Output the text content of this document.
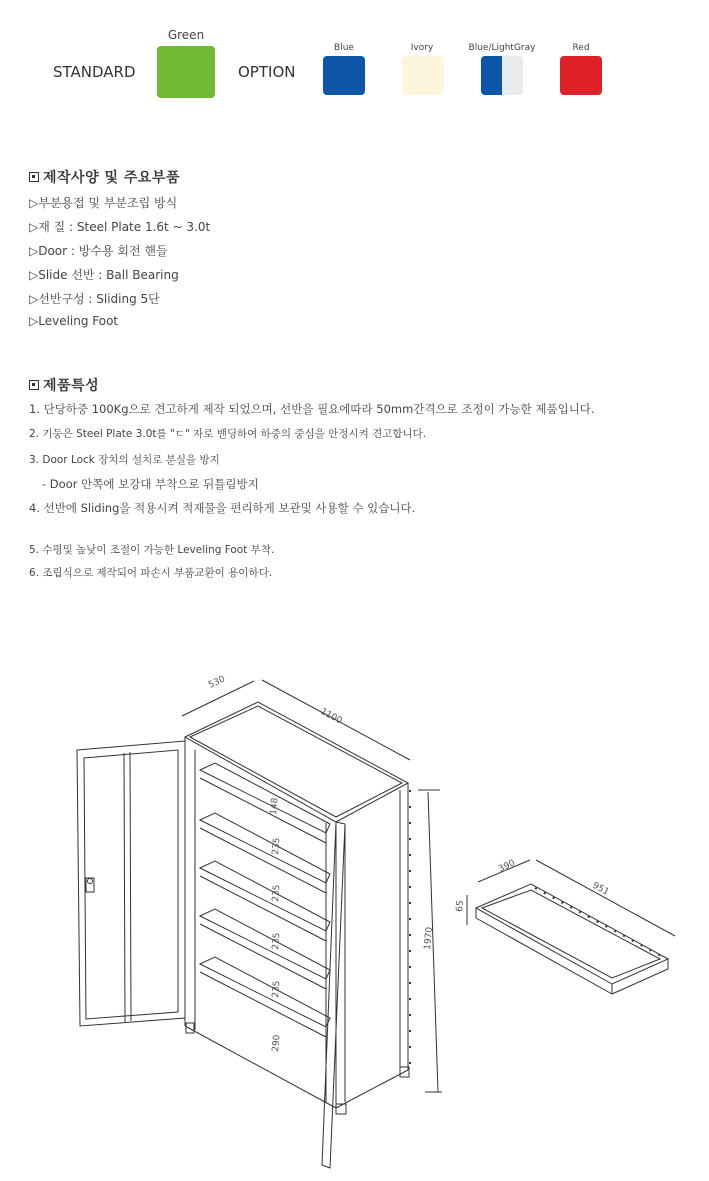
STANDARD
Green
OPTION
Blue	Ivory	Blue/LightGray	Red
제작사양 및 주요부품
▷부분용접 및 부분조립 방식
▷재 질 : Steel Plate 1.6t ~ 3.0t
▷Door : 방수용 회전 핸들
▷Slide 선반 : Ball Bearing
▷선반구성 : Sliding 5단
▷Leveling Foot
제품특성
1. 단당하중 100Kg으로 견고하게 제작 되었으며, 선반을 필요에따라 50mm간격으로 조정이 가능한 제품입니다.
2. 기둥은 Steel Plate 3.0t를 "ㄷ" 자로 밴딩하여 하중의 중심을 안정시켜 견고합니다.
3. Door Lock 장치의 설치로 분실을 방지
- Door 안쪽에 보강대 부착으로 뒤틀림방지
4. 선반에 Sliding을 적용시켜 적재물을 편리하게 보관및 사용할 수 있습니다.
5. 수평및 높낮이 조절이 가능한 Leveling Foot 부착.
6. 조립식으로 제작되어 파손시 부품교환이 용이하다.
530
1100
1970
148
235
235
235
235
290
390
951
65
